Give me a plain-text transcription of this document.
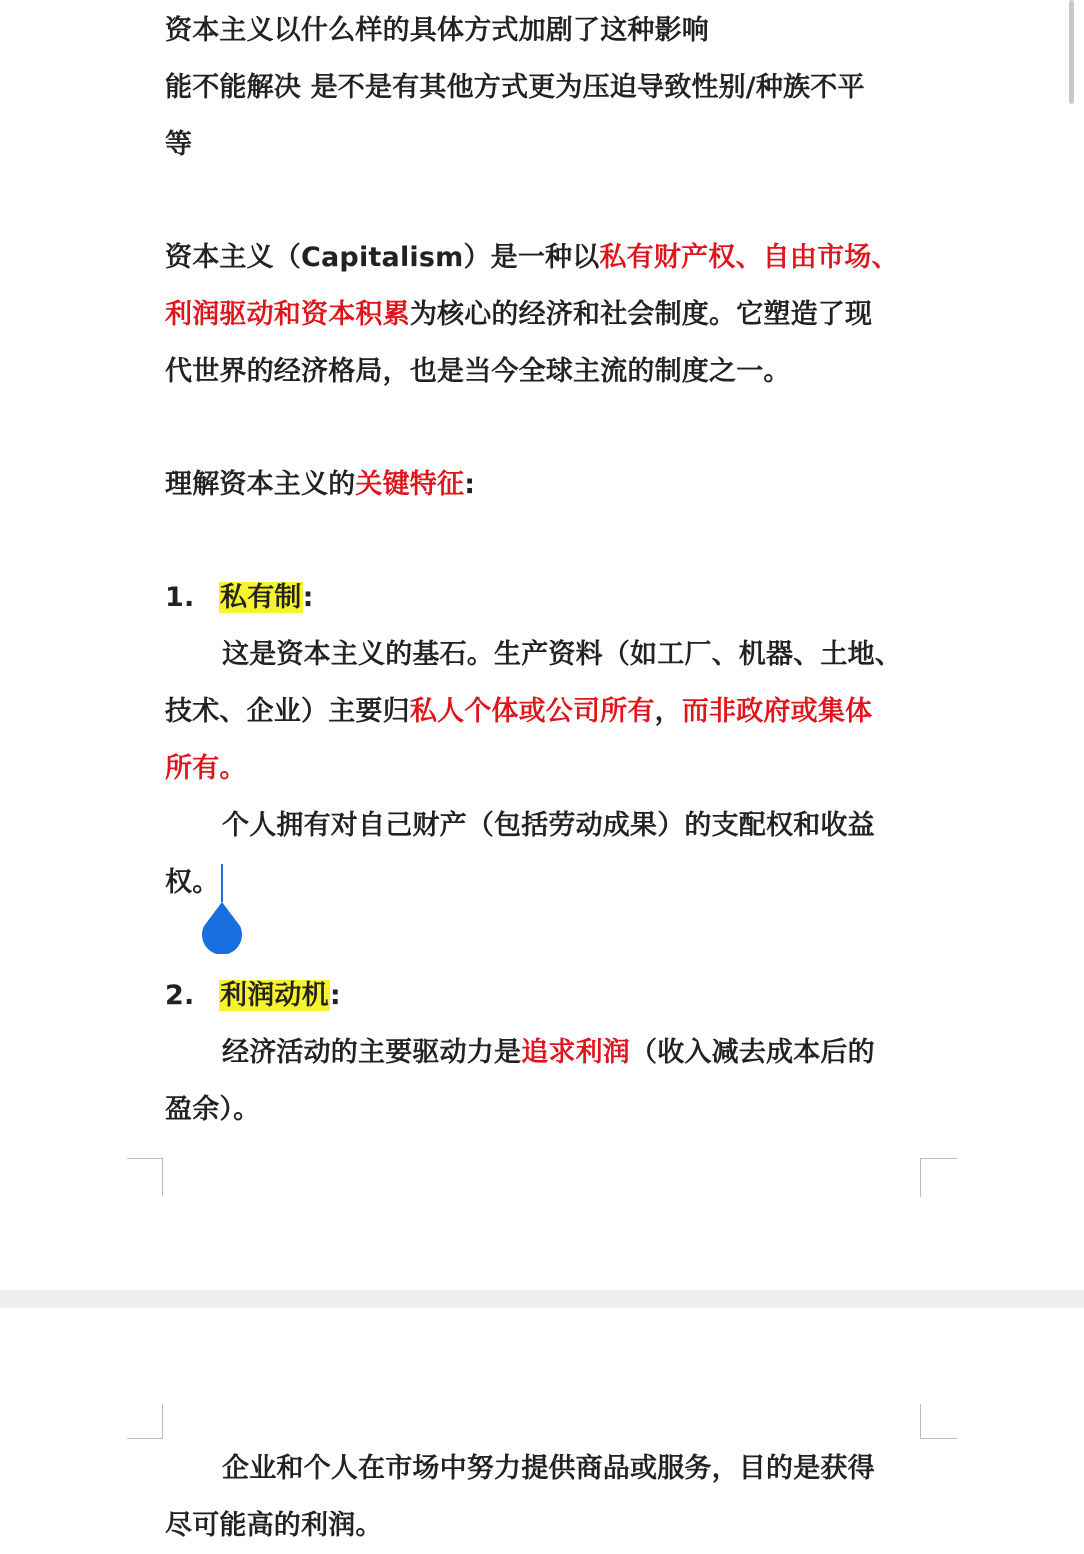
资本主义以什么样的具体方式加剧了这种影响
能不能解决 是不是有其他方式更为压迫导致性别/种族不平
等
资本主义（Capitalism）是一种以私有财产权、自由市场、
利润驱动和资本积累为核心的经济和社会制度。它塑造了现
代世界的经济格局，也是当今全球主流的制度之一。
理解资本主义的关键特征:
1. 私有制:
这是资本主义的基石。生产资料（如工厂、机器、土地、
技术、企业）主要归私人个体或公司所有，而非政府或集体
所有。
个人拥有对自己财产（包括劳动成果）的支配权和收益
权。
2. 利润动机:
经济活动的主要驱动力是追求利润（收入减去成本后的
盈余）。
企业和个人在市场中努力提供商品或服务，目的是获得
尽可能高的利润。
